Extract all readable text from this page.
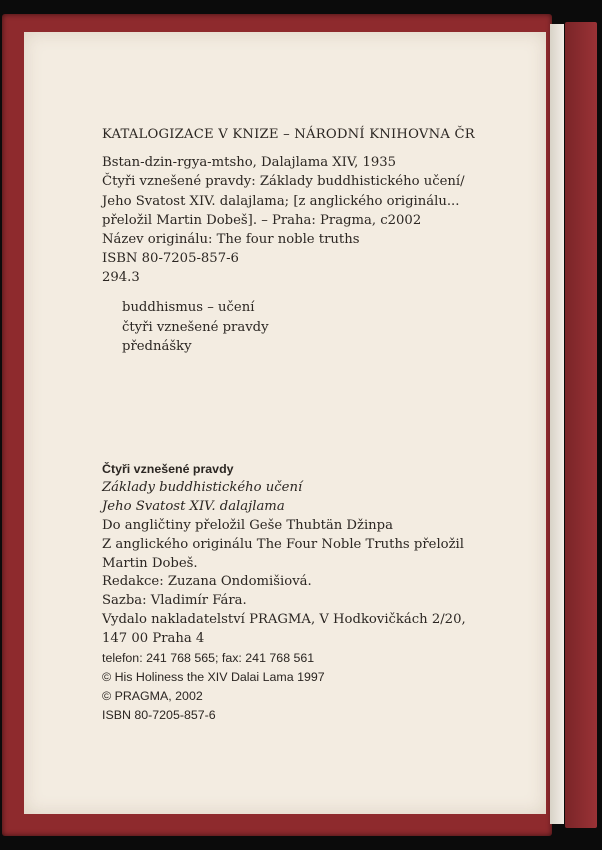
KATALOGIZACE V KNIZE – NÁRODNÍ KNIHOVNA ČR
Bstan-dzin-rgya-mtsho, Dalajlama XIV, 1935
Čtyři vznešené pravdy: Základy buddhistického učení/
Jeho Svatost XIV. dalajlama; [z anglického originálu...
přeložil Martin Dobeš]. – Praha: Pragma, c2002
Název originálu: The four noble truths
ISBN 80-7205-857-6
294.3
buddhismus – učení
čtyři vznešené pravdy
přednášky
Čtyři vznešené pravdy
Základy buddhistického učení
Jeho Svatost XIV. dalajlama
Do angličtiny přeložil Geše Thubtän Džinpa
Z anglického originálu The Four Noble Truths přeložil
Martin Dobeš.
Redakce: Zuzana Ondomišiová.
Sazba: Vladimír Fára.
Vydalo nakladatelství PRAGMA, V Hodkovičkách 2/20,
147 00 Praha 4
telefon: 241 768 565; fax: 241 768 561
© His Holiness the XIV Dalai Lama 1997
© PRAGMA, 2002
ISBN 80-7205-857-6
